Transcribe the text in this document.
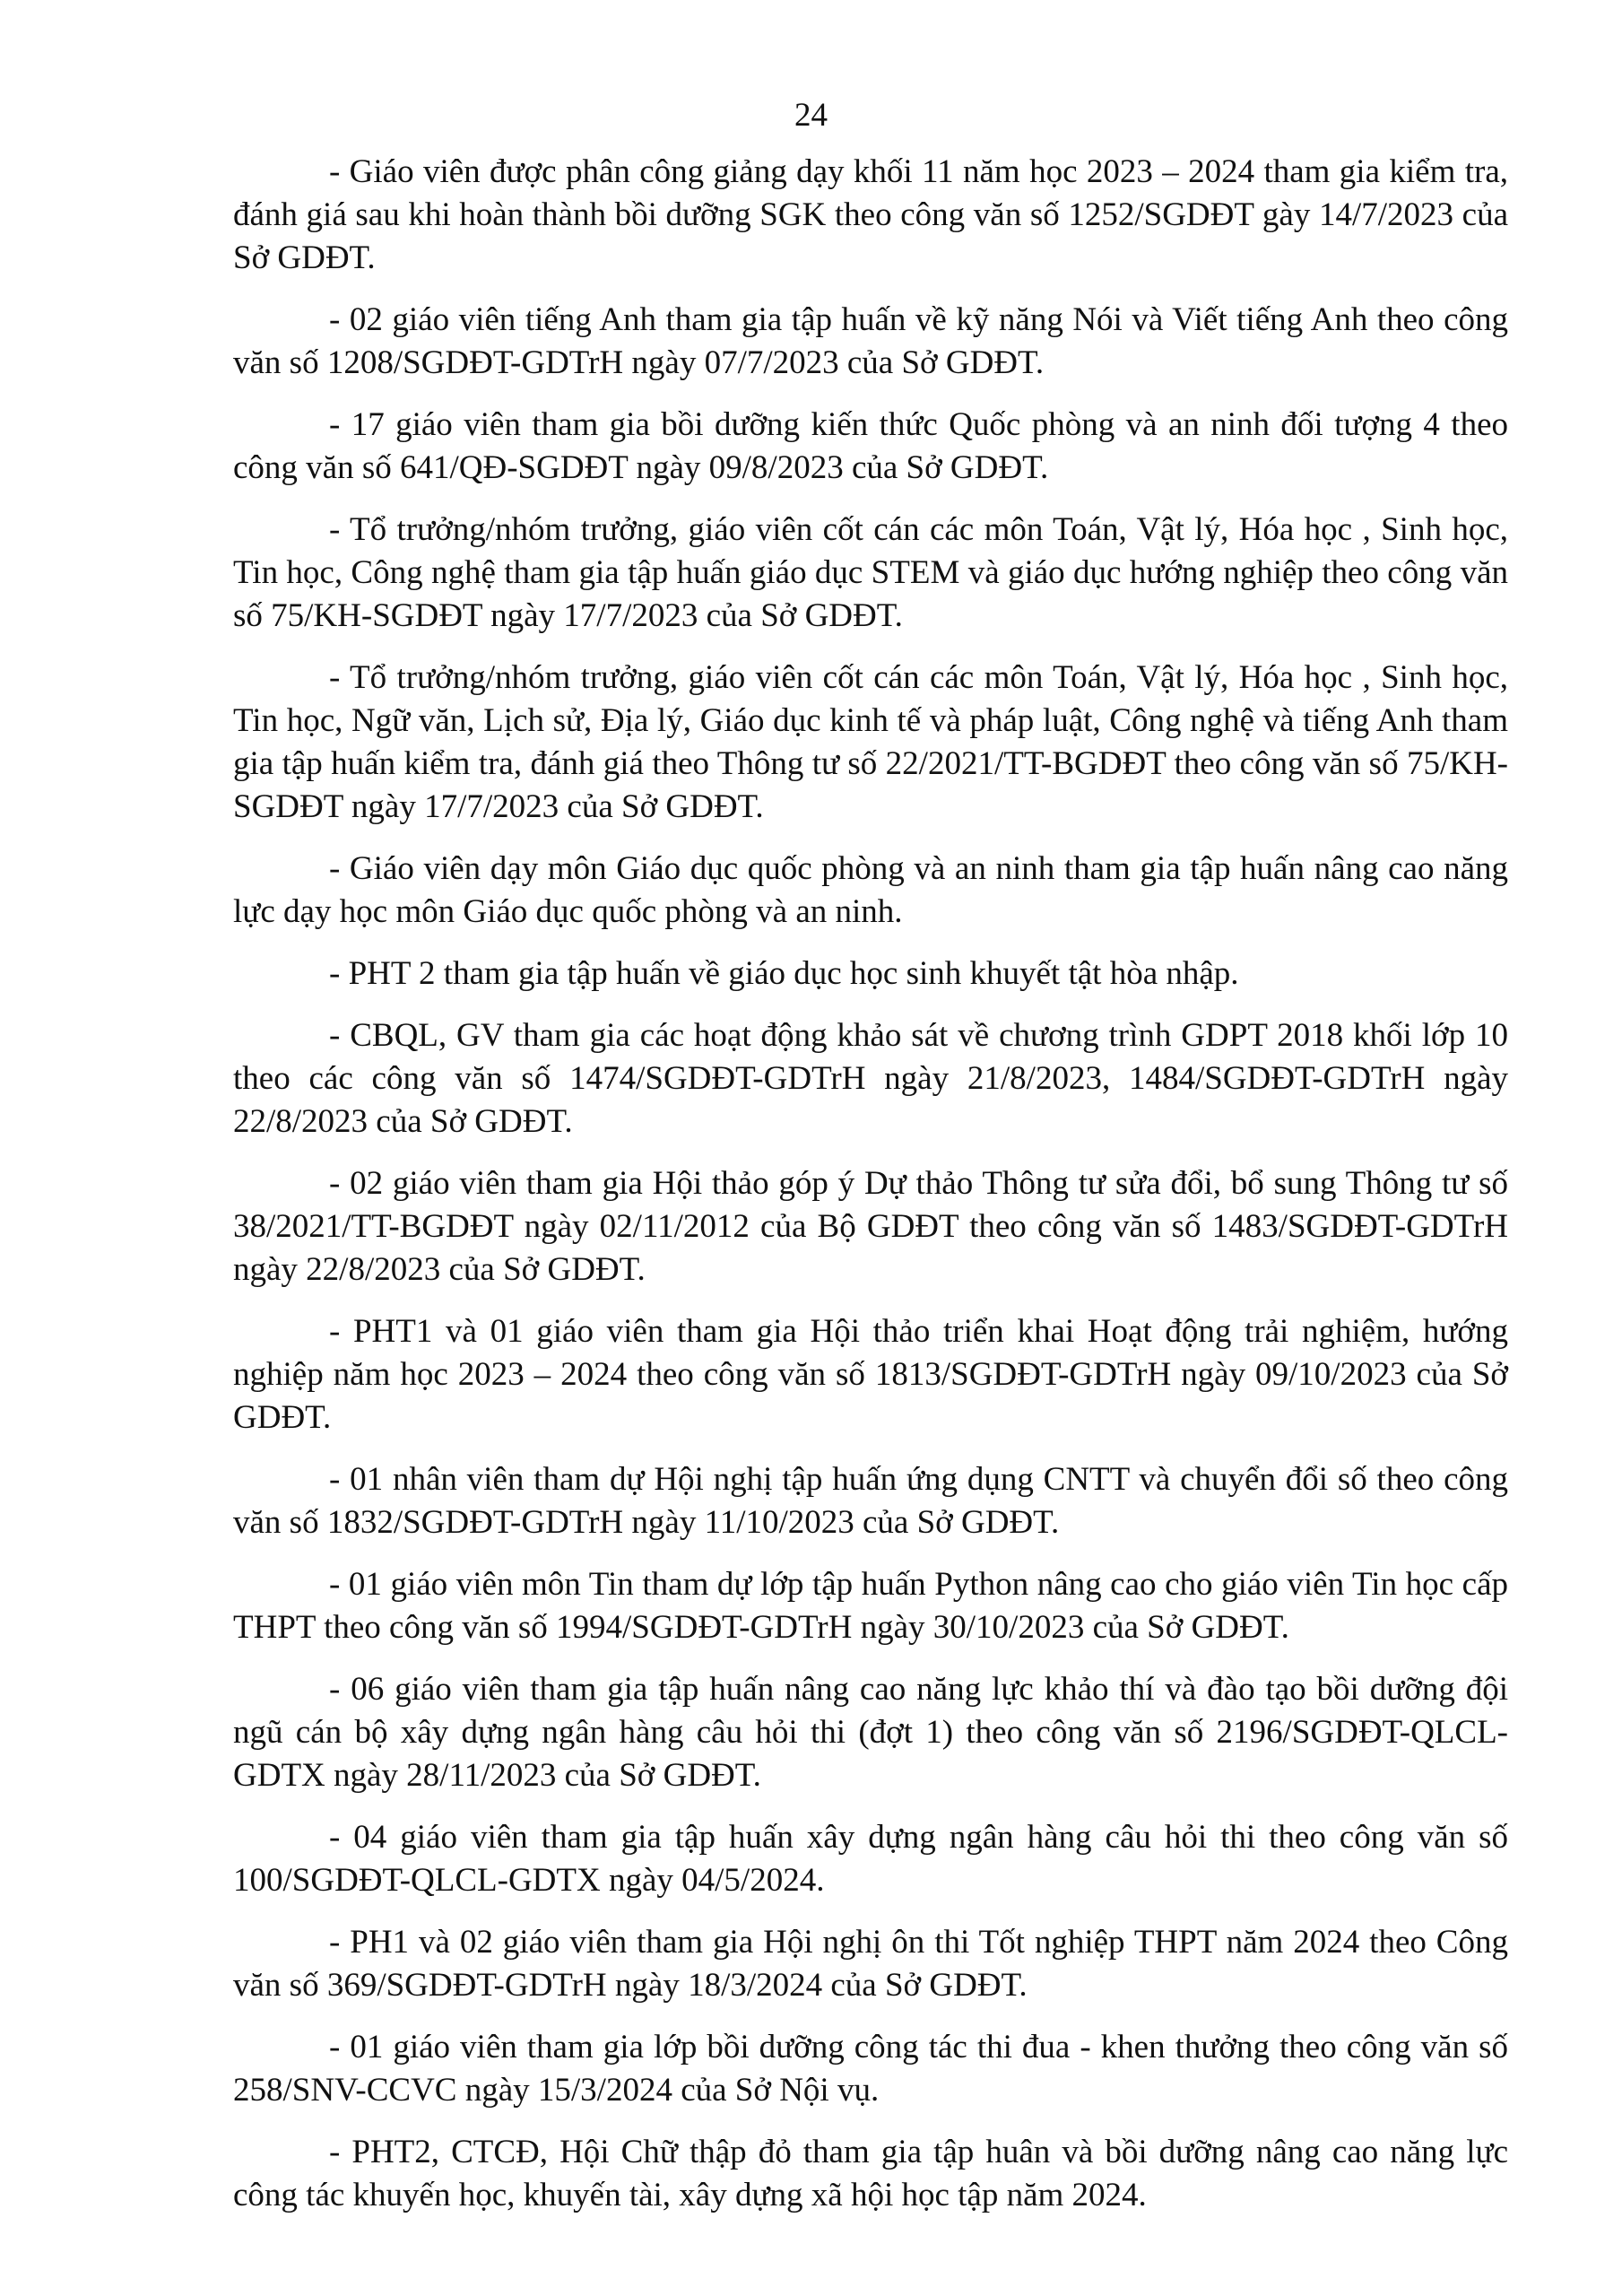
24

- Giáo viên được phân công giảng dạy khối 11 năm học 2023 – 2024 tham gia kiểm tra, đánh giá sau khi hoàn thành bồi dưỡng SGK theo công văn số 1252/SGDĐT gày 14/7/2023 của Sở GDĐT.

- 02 giáo viên tiếng Anh tham gia tập huấn về kỹ năng Nói và Viết tiếng Anh theo công văn số 1208/SGDĐT-GDTrH ngày 07/7/2023 của Sở GDĐT.

- 17 giáo viên tham gia bồi dưỡng kiến thức Quốc phòng và an ninh đối tượng 4 theo công văn số 641/QĐ-SGDĐT ngày 09/8/2023 của Sở GDĐT.

- Tổ trưởng/nhóm trưởng, giáo viên cốt cán các môn Toán, Vật lý, Hóa học , Sinh học, Tin học, Công nghệ tham gia tập huấn giáo dục STEM và giáo dục hướng nghiệp theo công văn số 75/KH-SGDĐT ngày 17/7/2023 của Sở GDĐT.

- Tổ trưởng/nhóm trưởng, giáo viên cốt cán các môn Toán, Vật lý, Hóa học , Sinh học, Tin học, Ngữ văn, Lịch sử, Địa lý, Giáo dục kinh tế và pháp luật, Công nghệ và tiếng Anh tham gia tập huấn kiểm tra, đánh giá theo Thông tư số 22/2021/TT-BGDĐT theo công văn số 75/KH-SGDĐT ngày 17/7/2023 của Sở GDĐT.

- Giáo viên dạy môn Giáo dục quốc phòng và an ninh tham gia tập huấn nâng cao năng lực dạy học môn Giáo dục quốc phòng và an ninh.

- PHT 2 tham gia tập huấn về giáo dục học sinh khuyết tật hòa nhập.

- CBQL, GV tham gia các hoạt động khảo sát về chương trình GDPT 2018 khối lớp 10 theo các công văn số 1474/SGDĐT-GDTrH ngày 21/8/2023, 1484/SGDĐT-GDTrH ngày 22/8/2023 của Sở GDĐT.

- 02 giáo viên tham gia Hội thảo góp ý Dự thảo Thông tư sửa đổi, bổ sung Thông tư số 38/2021/TT-BGDĐT ngày 02/11/2012 của Bộ GDĐT theo công văn số 1483/SGDĐT-GDTrH ngày 22/8/2023 của Sở GDĐT.

- PHT1 và 01 giáo viên tham gia Hội thảo triển khai Hoạt động trải nghiệm, hướng nghiệp năm học 2023 – 2024 theo công văn số 1813/SGDĐT-GDTrH ngày 09/10/2023 của Sở GDĐT.

- 01 nhân viên tham dự Hội nghị tập huấn ứng dụng CNTT và chuyển đổi số theo công văn số 1832/SGDĐT-GDTrH ngày 11/10/2023 của Sở GDĐT.

- 01 giáo viên môn Tin tham dự lớp tập huấn Python nâng cao cho giáo viên Tin học cấp THPT theo công văn số 1994/SGDĐT-GDTrH ngày 30/10/2023 của Sở GDĐT.

- 06 giáo viên tham gia tập huấn nâng cao năng lực khảo thí và đào tạo bồi dưỡng đội ngũ cán bộ xây dựng ngân hàng câu hỏi thi (đợt 1) theo công văn số 2196/SGDĐT-QLCL-GDTX ngày 28/11/2023 của Sở GDĐT.

- 04 giáo viên tham gia tập huấn xây dựng ngân hàng câu hỏi thi theo công văn số 100/SGDĐT-QLCL-GDTX ngày 04/5/2024.

- PH1 và 02 giáo viên tham gia Hội nghị ôn thi Tốt nghiệp THPT năm 2024 theo Công văn số 369/SGDĐT-GDTrH ngày 18/3/2024 của Sở GDĐT.

- 01 giáo viên tham gia lớp bồi dưỡng công tác thi đua - khen thưởng theo công văn số 258/SNV-CCVC ngày 15/3/2024 của Sở Nội vụ.

- PHT2, CTCĐ, Hội Chữ thập đỏ tham gia tập huân và bồi dưỡng nâng cao năng lực công tác khuyến học, khuyến tài, xây dựng xã hội học tập năm 2024.
